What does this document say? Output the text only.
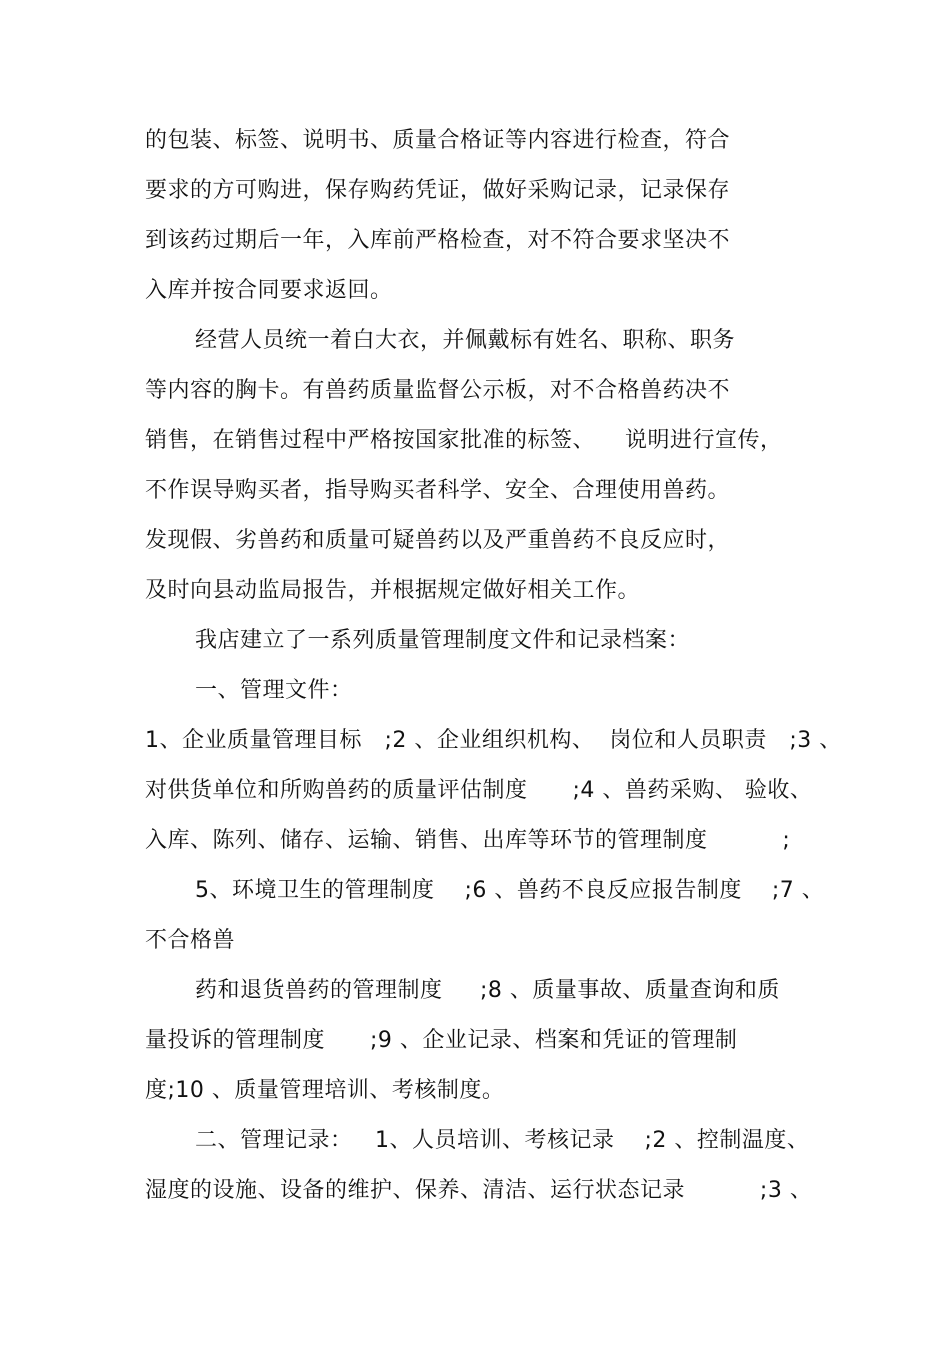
的包装、标签、说明书、质量合格证等内容进行检查，符合
要求的方可购进，保存购药凭证，做好采购记录，记录保存
到该药过期后一年，入库前严格检查，对不符合要求坚决不
入库并按合同要求返回。
经营人员统一着白大衣，并佩戴标有姓名、职称、职务
等内容的胸卡。有兽药质量监督公示板，对不合格兽药决不
销售，在销售过程中严格按国家批准的标签、    说明进行宣传，
不作误导购买者，指导购买者科学、安全、合理使用兽药。
发现假、劣兽药和质量可疑兽药以及严重兽药不良反应时，
及时向县动监局报告，并根据规定做好相关工作。
我店建立了一系列质量管理制度文件和记录档案：
一、管理文件：
1、企业质量管理目标   ;2 、企业组织机构、  岗位和人员职责   ;3 、
对供货单位和所购兽药的质量评估制度      ;4 、兽药采购、 验收、
入库、陈列、储存、运输、销售、出库等环节的管理制度          ;
5、环境卫生的管理制度    ;6 、兽药不良反应报告制度    ;7 、
不合格兽
药和退货兽药的管理制度     ;8 、质量事故、质量查询和质
量投诉的管理制度      ;9 、企业记录、档案和凭证的管理制
度;10 、质量管理培训、考核制度。
二、管理记录：   1、人员培训、考核记录    ;2 、控制温度、
湿度的设施、设备的维护、保养、清洁、运行状态记录          ;3 、
